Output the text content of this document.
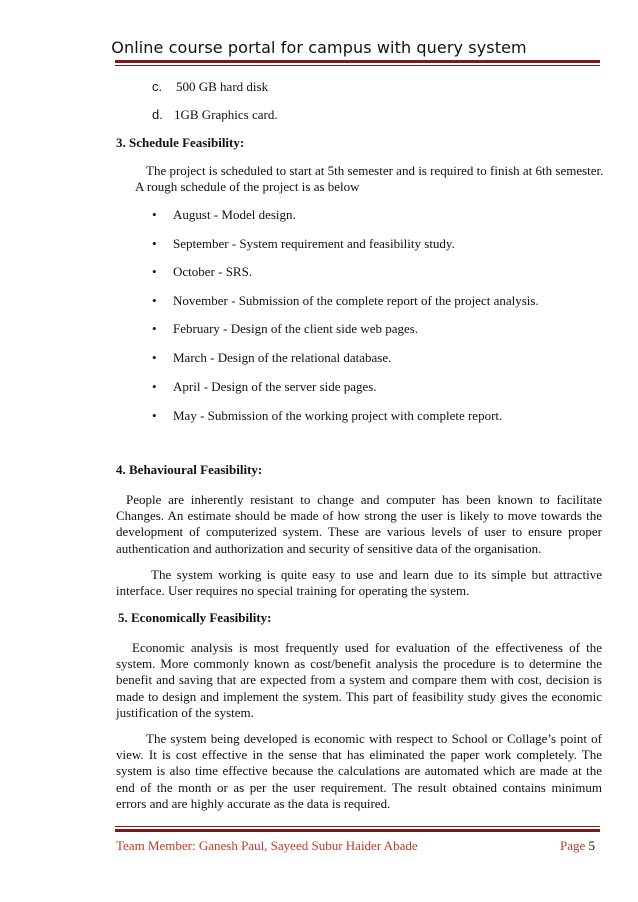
Online course portal for campus with query system
c. 500 GB hard disk
d. 1GB Graphics card.
3. Schedule Feasibility:
The project is scheduled to start at 5th semester and is required to finish at 6th semester.
A rough schedule of the project is as below
• August - Model design.
• September - System requirement and feasibility study.
• October - SRS.
• November - Submission of the complete report of the project analysis.
• February - Design of the client side web pages.
• March - Design of the relational database.
• April - Design of the server side pages.
• May - Submission of the working project with complete report.
4. Behavioural Feasibility:
People are inherently resistant to change and computer has been known to facilitate Changes. An estimate should be made of how strong the user is likely to move towards the development of computerized system. These are various levels of user to ensure proper authentication and authorization and security of sensitive data of the organisation.
The system working is quite easy to use and learn due to its simple but attractive interface. User requires no special training for operating the system.
5. Economically Feasibility:
Economic analysis is most frequently used for evaluation of the effectiveness of the system. More commonly known as cost/benefit analysis the procedure is to determine the benefit and saving that are expected from a system and compare them with cost, decision is made to design and implement the system. This part of feasibility study gives the economic justification of the system.
The system being developed is economic with respect to School or Collage’s point of view. It is cost effective in the sense that has eliminated the paper work completely. The system is also time effective because the calculations are automated which are made at the end of the month or as per the user requirement. The result obtained contains minimum errors and are highly accurate as the data is required.
Team Member: Ganesh Paul, Sayeed Subur Haider Abade	Page 5
